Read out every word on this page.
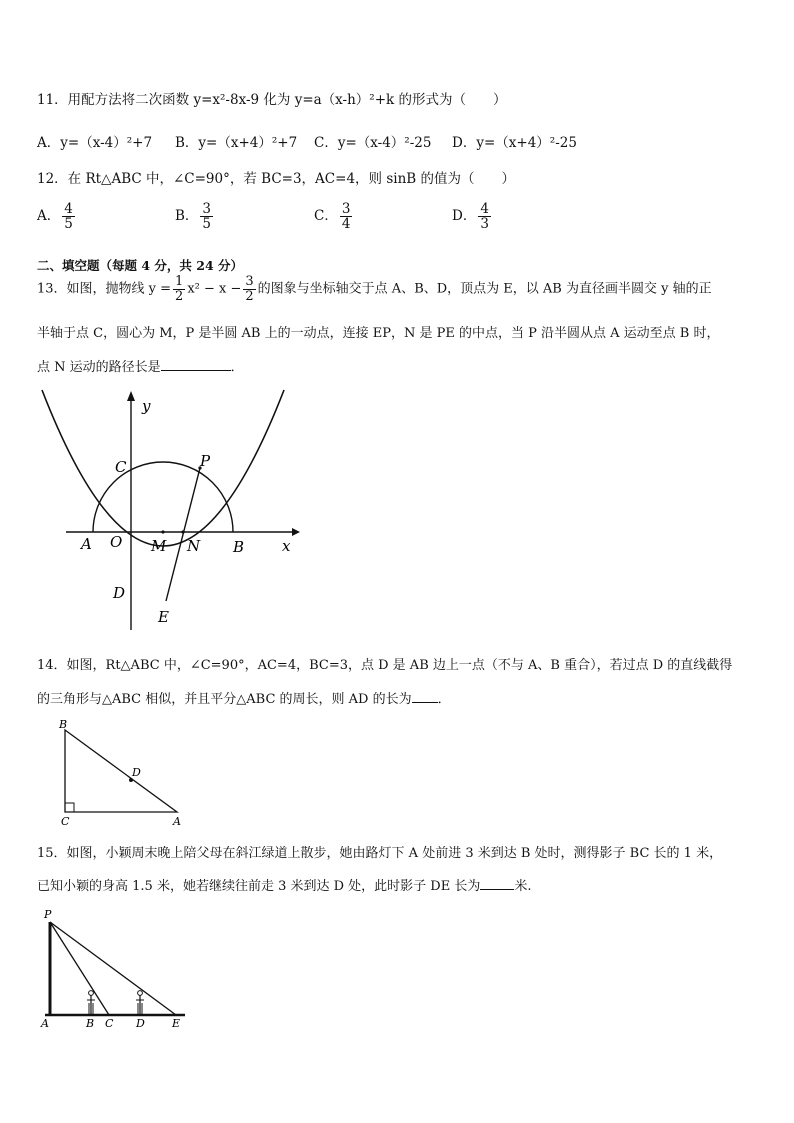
11．用配方法将二次函数 y=x²-8x-9 化为 y=a（x-h）²+k 的形式为（　　）
A．y=（x-4）²+7 B．y=（x+4）²+7 C．y=（x-4）²-25 D．y=（x+4）²-25
12．在 Rt△ABC 中，∠C=90°，若 BC=3，AC=4，则 sinB 的值为（　　）
A． $\frac{4}{5}$	B． $\frac{3}{5}$	C． $\frac{3}{4}$	D． $\frac{4}{3}$
二、填空题（每题 4 分，共 24 分）
13．如图，抛物线 $y = \frac{1}{2} x^2 - x - \frac{3}{2}$ 的图象与坐标轴交于点 A、B、D，顶点为 E，以 AB 为直径画半圆交 y 轴的正
半轴于点 C，圆心为 M，P 是半圆 AB 上的一动点，连接 EP，N 是 PE 的中点，当 P 沿半圆从点 A 运动至点 B 时，
点 N 运动的路径长是	．
y
x
C	P
A O M N B
D
E
14．如图，Rt△ABC 中，∠C=90°，AC=4，BC=3，点 D 是 AB 边上一点（不与 A、B 重合），若过点 D 的直线截得
的三角形与△ABC 相似，并且平分△ABC 的周长，则 AD 的长为 ．
B
D
C	A
15．如图，小颖周末晚上陪父母在斜江绿道上散步，她由路灯下 A 处前进 3 米到达 B 处时，测得影子 BC 长的 1 米，
已知小颖的身高 1.5 米，她若继续往前走 3 米到达 D 处，此时影子 DE 长为	米.
P
A	B C D E
